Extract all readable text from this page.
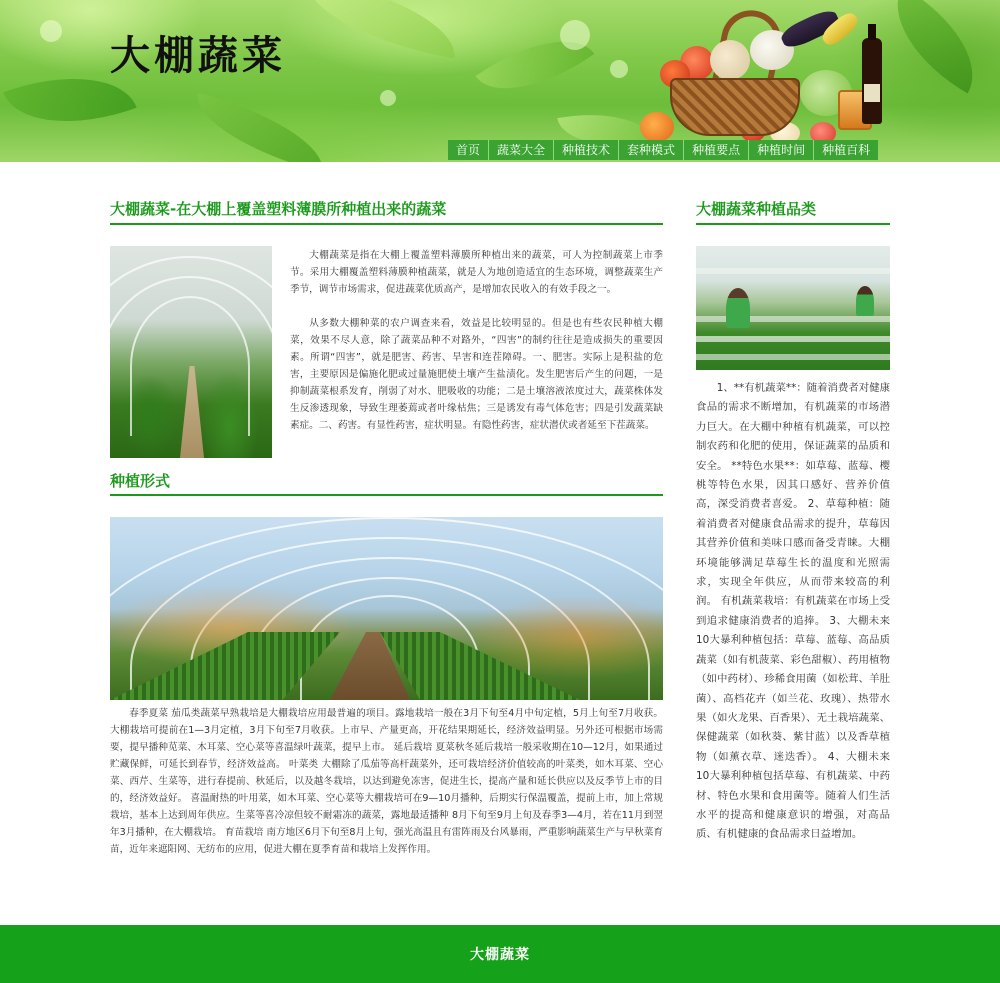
大棚蔬菜
首页	蔬菜大全	种植技术	套种模式	种植要点	种植时间	种植百科
大棚蔬菜-在大棚上覆盖塑料薄膜所种植出来的蔬菜

大棚蔬菜是指在大棚上覆盖塑料薄膜所种植出来的蔬菜，可人为控制蔬菜上市季节。采用大棚覆盖塑料薄膜种植蔬菜，就是人为地创造适宜的生态环境，调整蔬菜生产季节，调节市场需求，促进蔬菜优质高产，是增加农民收入的有效手段之一。

从多数大棚种菜的农户调查来看，效益是比较明显的。但是也有些农民种植大棚菜，效果不尽人意，除了蔬菜品种不对路外，“四害”的制约往往是造成损失的重要因素。所谓“四害”，就是肥害、药害、旱害和连茬障碍。一、肥害。实际上是积盐的危害，主要原因是偏施化肥或过量施肥使土壤产生盐渍化。发生肥害后产生的问题，一是抑制蔬菜根系发育，削弱了对水、肥吸收的功能；二是土壤溶液浓度过大，蔬菜株体发生反渗透现象，导致生理萎蔫或者叶缘枯焦；三是诱发有毒气体危害；四是引发蔬菜缺素症。二、药害。有显性药害，症状明显。有隐性药害，症状潜伏或者延至下茬蔬菜。

种植形式

春季夏菜 茄瓜类蔬菜早熟栽培是大棚栽培应用最普遍的项目。露地栽培一般在3月下旬至4月中旬定植，5月上旬至7月收获。大棚栽培可提前在1—3月定植，3月下旬至7月收获。上市早、产量更高，开花结果期延长，经济效益明显。另外还可根据市场需要，提早播种苋菜、木耳菜、空心菜等喜温绿叶蔬菜，提早上市。 延后栽培 夏菜秋冬延后栽培一般采收期在10—12月，如果通过贮藏保鲜，可延长到春节，经济效益高。 叶菜类 大棚除了瓜茄等高杆蔬菜外，还可栽培经济价值较高的叶菜类，如木耳菜、空心菜、西芹、生菜等，进行春提前、秋延后，以及越冬栽培，以达到避免冻害，促进生长，提高产量和延长供应以及反季节上市的目的，经济效益好。 喜温耐热的叶用菜，如木耳菜、空心菜等大棚栽培可在9—10月播种，后期实行保温覆盖，提前上市，加上常规栽培，基本上达到周年供应。生菜等喜冷凉但较不耐霜冻的蔬菜，露地最适播种 8月下旬至9月上旬及春季3—4月，若在11月到翌年3月播种，在大棚栽培。 育苗栽培 南方地区6月下旬至8月上旬，强光高温且有雷阵雨及台风暴雨，严重影响蔬菜生产与早秋菜育苗，近年来遮阳网、无纺布的应用，促进大棚在夏季育苗和栽培上发挥作用。

大棚蔬菜种植品类

1、**有机蔬菜**：随着消费者对健康食品的需求不断增加，有机蔬菜的市场潜力巨大。在大棚中种植有机蔬菜，可以控制农药和化肥的使用，保证蔬菜的品质和安全。 **特色水果**：如草莓、蓝莓、樱桃等特色水果，因其口感好、营养价值高，深受消费者喜爱。 2、草莓种植：随着消费者对健康食品需求的提升，草莓因其营养价值和美味口感而备受青睐。大棚环境能够满足草莓生长的温度和光照需求，实现全年供应，从而带来较高的利润。 有机蔬菜栽培：有机蔬菜在市场上受到追求健康消费者的追捧。 3、大棚未来10大暴利种植包括：草莓、蓝莓、高品质蔬菜（如有机菠菜、彩色甜椒）、药用植物（如中药材）、珍稀食用菌（如松茸、羊肚菌）、高档花卉（如兰花、玫瑰）、热带水果（如火龙果、百香果）、无土栽培蔬菜、保健蔬菜（如秋葵、紫甘蓝）以及香草植物（如薰衣草、迷迭香）。 4、大棚未来10大暴利种植包括草莓、有机蔬菜、中药材、特色水果和食用菌等。随着人们生活水平的提高和健康意识的增强，对高品质、有机健康的食品需求日益增加。

大棚蔬菜
